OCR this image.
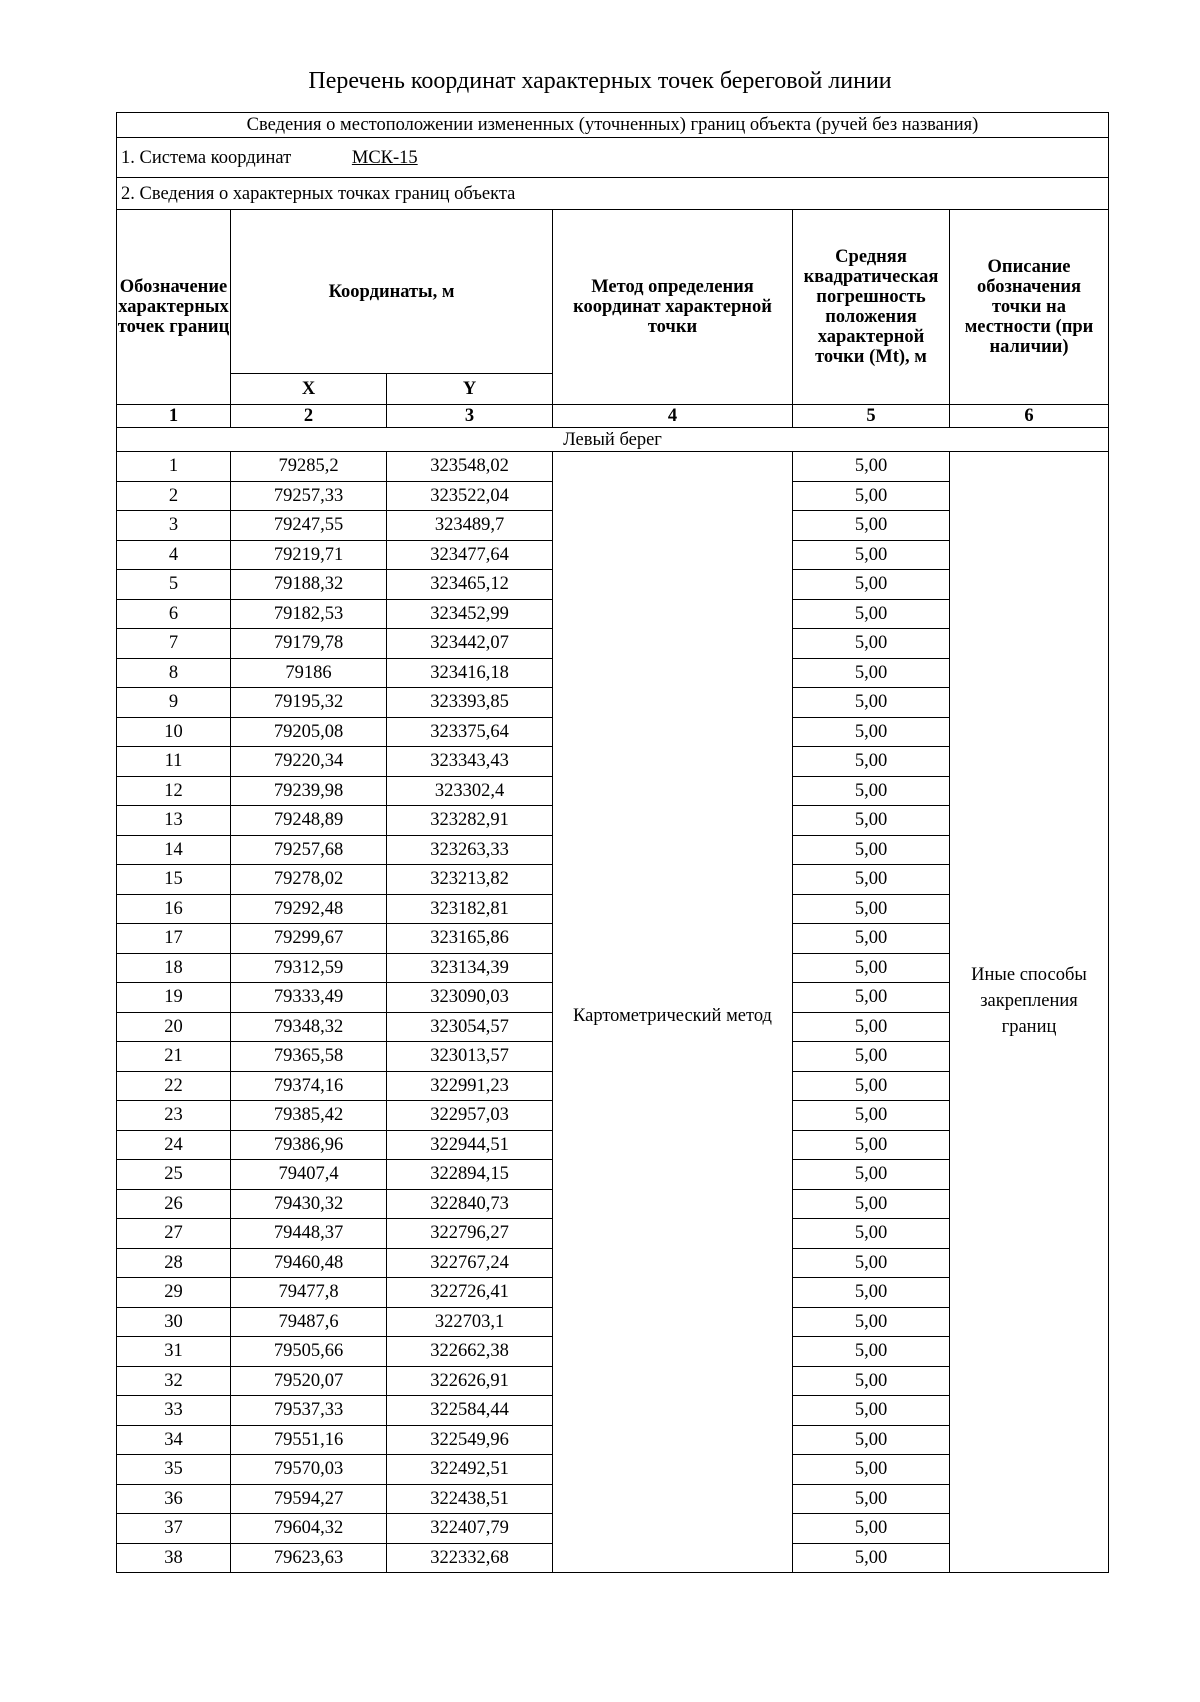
Перечень координат характерных точек береговой линии
Сведения о местоположении измененных (уточненных) границ объекта (ручей без названия)					
1. Система координат МСК-15					
2. Сведения о характерных точках границ объекта					
Обозначение характерных точек границ	Координаты, м		Метод определения координат характерной точки	Средняя квадратическая погрешность положения характерной точки (Mt), м	Описание обозначения точки на местности (при наличии)
	X	Y			
1	2	3	4	5	6
Левый берег					
1	79285,2	323548,02	Картометрический метод	5,00	Иные способы закрепления границ
2	79257,33	323522,04		5,00	
3	79247,55	323489,7		5,00	
4	79219,71	323477,64		5,00	
5	79188,32	323465,12		5,00	
6	79182,53	323452,99		5,00	
7	79179,78	323442,07		5,00	
8	79186	323416,18		5,00	
9	79195,32	323393,85		5,00	
10	79205,08	323375,64		5,00	
11	79220,34	323343,43		5,00	
12	79239,98	323302,4		5,00	
13	79248,89	323282,91		5,00	
14	79257,68	323263,33		5,00	
15	79278,02	323213,82		5,00	
16	79292,48	323182,81		5,00	
17	79299,67	323165,86		5,00	
18	79312,59	323134,39		5,00	
19	79333,49	323090,03		5,00	
20	79348,32	323054,57		5,00	
21	79365,58	323013,57		5,00	
22	79374,16	322991,23		5,00	
23	79385,42	322957,03		5,00	
24	79386,96	322944,51		5,00	
25	79407,4	322894,15		5,00	
26	79430,32	322840,73		5,00	
27	79448,37	322796,27		5,00	
28	79460,48	322767,24		5,00	
29	79477,8	322726,41		5,00	
30	79487,6	322703,1		5,00	
31	79505,66	322662,38		5,00	
32	79520,07	322626,91		5,00	
33	79537,33	322584,44		5,00	
34	79551,16	322549,96		5,00	
35	79570,03	322492,51		5,00	
36	79594,27	322438,51		5,00	
37	79604,32	322407,79		5,00	
38	79623,63	322332,68		5,00	
